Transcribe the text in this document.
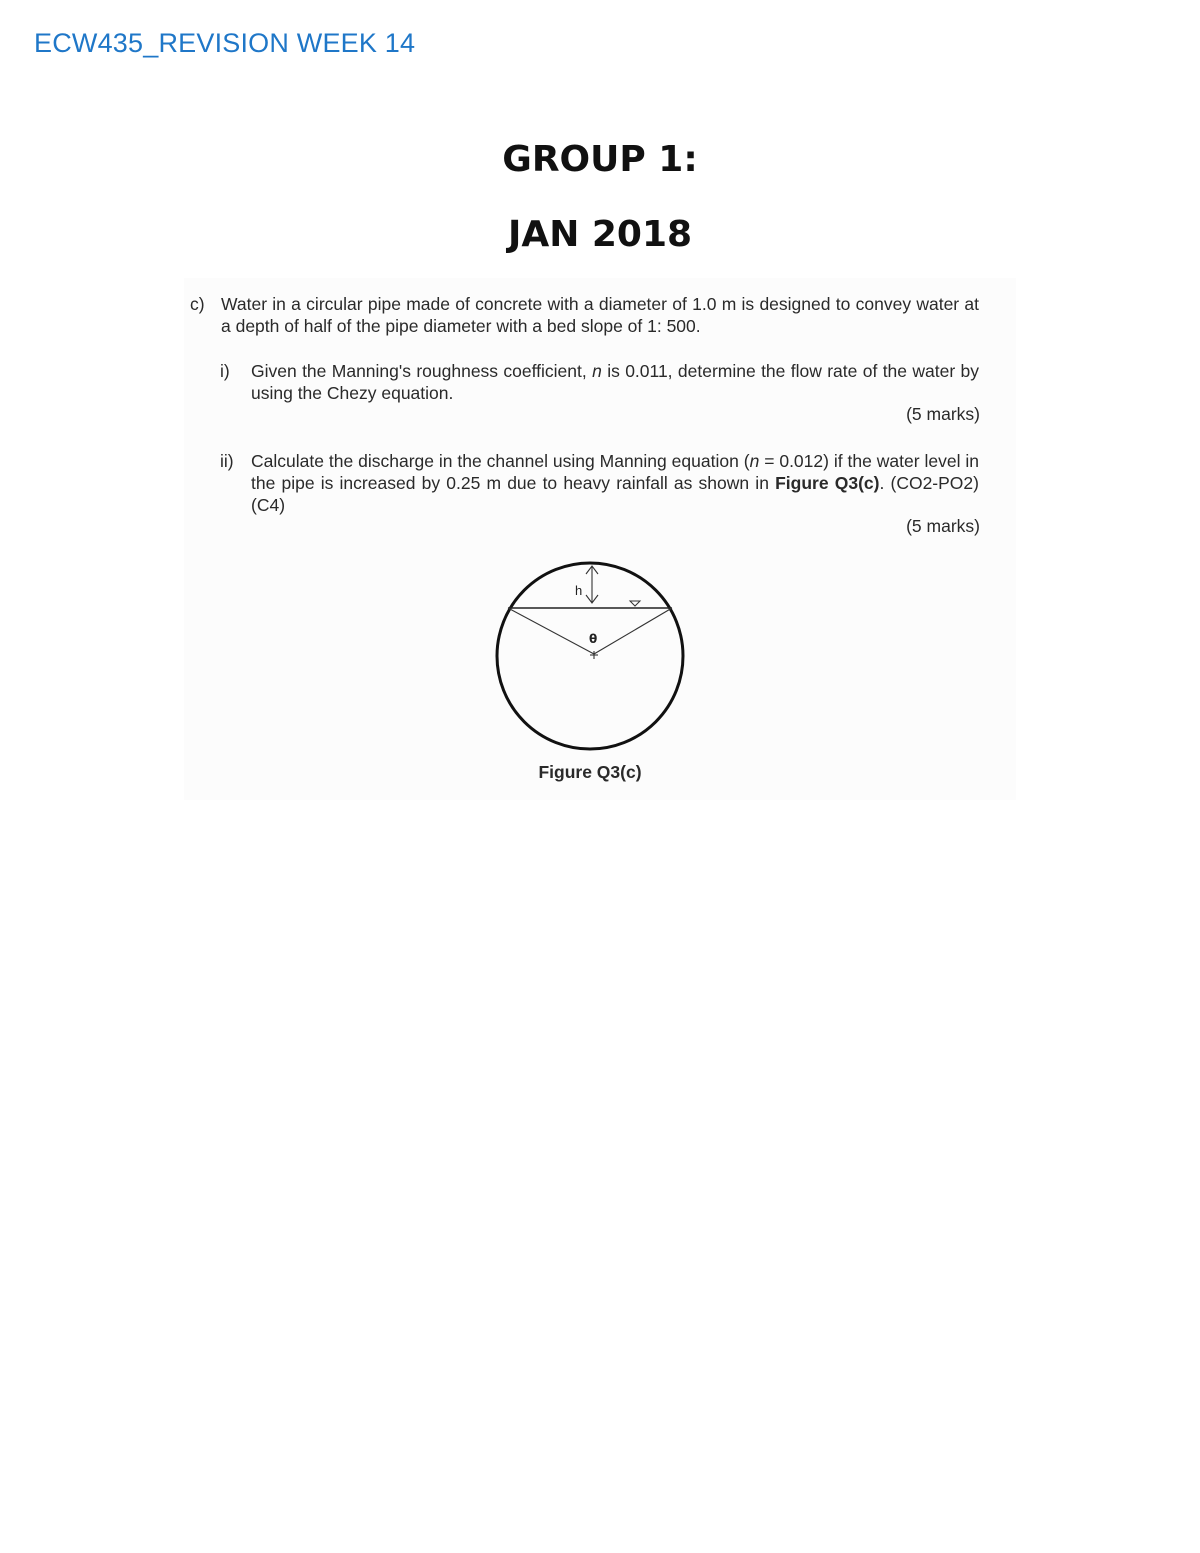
ECW435_REVISION WEEK 14
GROUP 1:
JAN 2018
c) Water in a circular pipe made of concrete with a diameter of 1.0 m is designed to convey water at a depth of half of the pipe diameter with a bed slope of 1: 500.
i) Given the Manning's roughness coefficient, n is 0.011, determine the flow rate of the water by using the Chezy equation.
(5 marks)
ii) Calculate the discharge in the channel using Manning equation (n = 0.012) if the water level in the pipe is increased by 0.25 m due to heavy rainfall as shown in Figure Q3(c). (CO2-PO2)(C4)
(5 marks)
h
θ
Figure Q3(c)
